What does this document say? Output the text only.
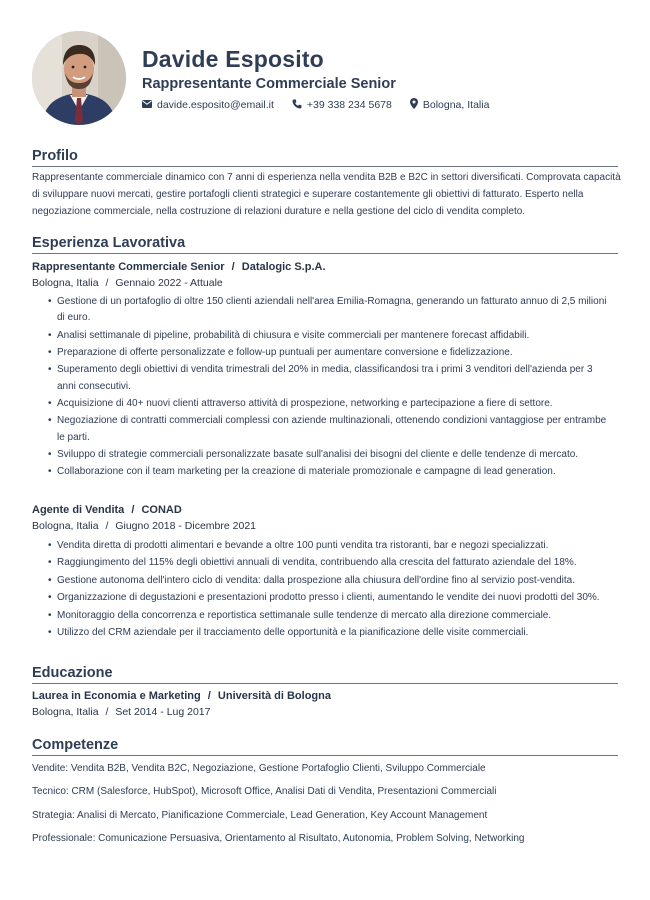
Davide Esposito
Rappresentante Commerciale Senior
davide.esposito@email.it	+39 338 234 5678	Bologna, Italia
Profilo
Rappresentante commerciale dinamico con 7 anni di esperienza nella vendita B2B e B2C in settori diversificati. Comprovata capacità di sviluppare nuovi mercati, gestire portafogli clienti strategici e superare costantemente gli obiettivi di fatturato. Esperto nella negoziazione commerciale, nella costruzione di relazioni durature e nella gestione del ciclo di vendita completo.
Esperienza Lavorativa
Rappresentante Commerciale Senior / Datalogic S.p.A.
Bologna, Italia / Gennaio 2022 - Attuale
• Gestione di un portafoglio di oltre 150 clienti aziendali nell'area Emilia-Romagna, generando un fatturato annuo di 2,5 milioni di euro.
• Analisi settimanale di pipeline, probabilità di chiusura e visite commerciali per mantenere forecast affidabili.
• Preparazione di offerte personalizzate e follow-up puntuali per aumentare conversione e fidelizzazione.
• Superamento degli obiettivi di vendita trimestrali del 20% in media, classificandosi tra i primi 3 venditori dell'azienda per 3 anni consecutivi.
• Acquisizione di 40+ nuovi clienti attraverso attività di prospezione, networking e partecipazione a fiere di settore.
• Negoziazione di contratti commerciali complessi con aziende multinazionali, ottenendo condizioni vantaggiose per entrambe le parti.
• Sviluppo di strategie commerciali personalizzate basate sull'analisi dei bisogni del cliente e delle tendenze di mercato.
• Collaborazione con il team marketing per la creazione di materiale promozionale e campagne di lead generation.
Agente di Vendita / CONAD
Bologna, Italia / Giugno 2018 - Dicembre 2021
• Vendita diretta di prodotti alimentari e bevande a oltre 100 punti vendita tra ristoranti, bar e negozi specializzati.
• Raggiungimento del 115% degli obiettivi annuali di vendita, contribuendo alla crescita del fatturato aziendale del 18%.
• Gestione autonoma dell'intero ciclo di vendita: dalla prospezione alla chiusura dell'ordine fino al servizio post-vendita.
• Organizzazione di degustazioni e presentazioni prodotto presso i clienti, aumentando le vendite dei nuovi prodotti del 30%.
• Monitoraggio della concorrenza e reportistica settimanale sulle tendenze di mercato alla direzione commerciale.
• Utilizzo del CRM aziendale per il tracciamento delle opportunità e la pianificazione delle visite commerciali.
Educazione
Laurea in Economia e Marketing / Università di Bologna
Bologna, Italia / Set 2014 - Lug 2017
Competenze
Vendite: Vendita B2B, Vendita B2C, Negoziazione, Gestione Portafoglio Clienti, Sviluppo Commerciale
Tecnico: CRM (Salesforce, HubSpot), Microsoft Office, Analisi Dati di Vendita, Presentazioni Commerciali
Strategia: Analisi di Mercato, Pianificazione Commerciale, Lead Generation, Key Account Management
Professionale: Comunicazione Persuasiva, Orientamento al Risultato, Autonomia, Problem Solving, Networking
